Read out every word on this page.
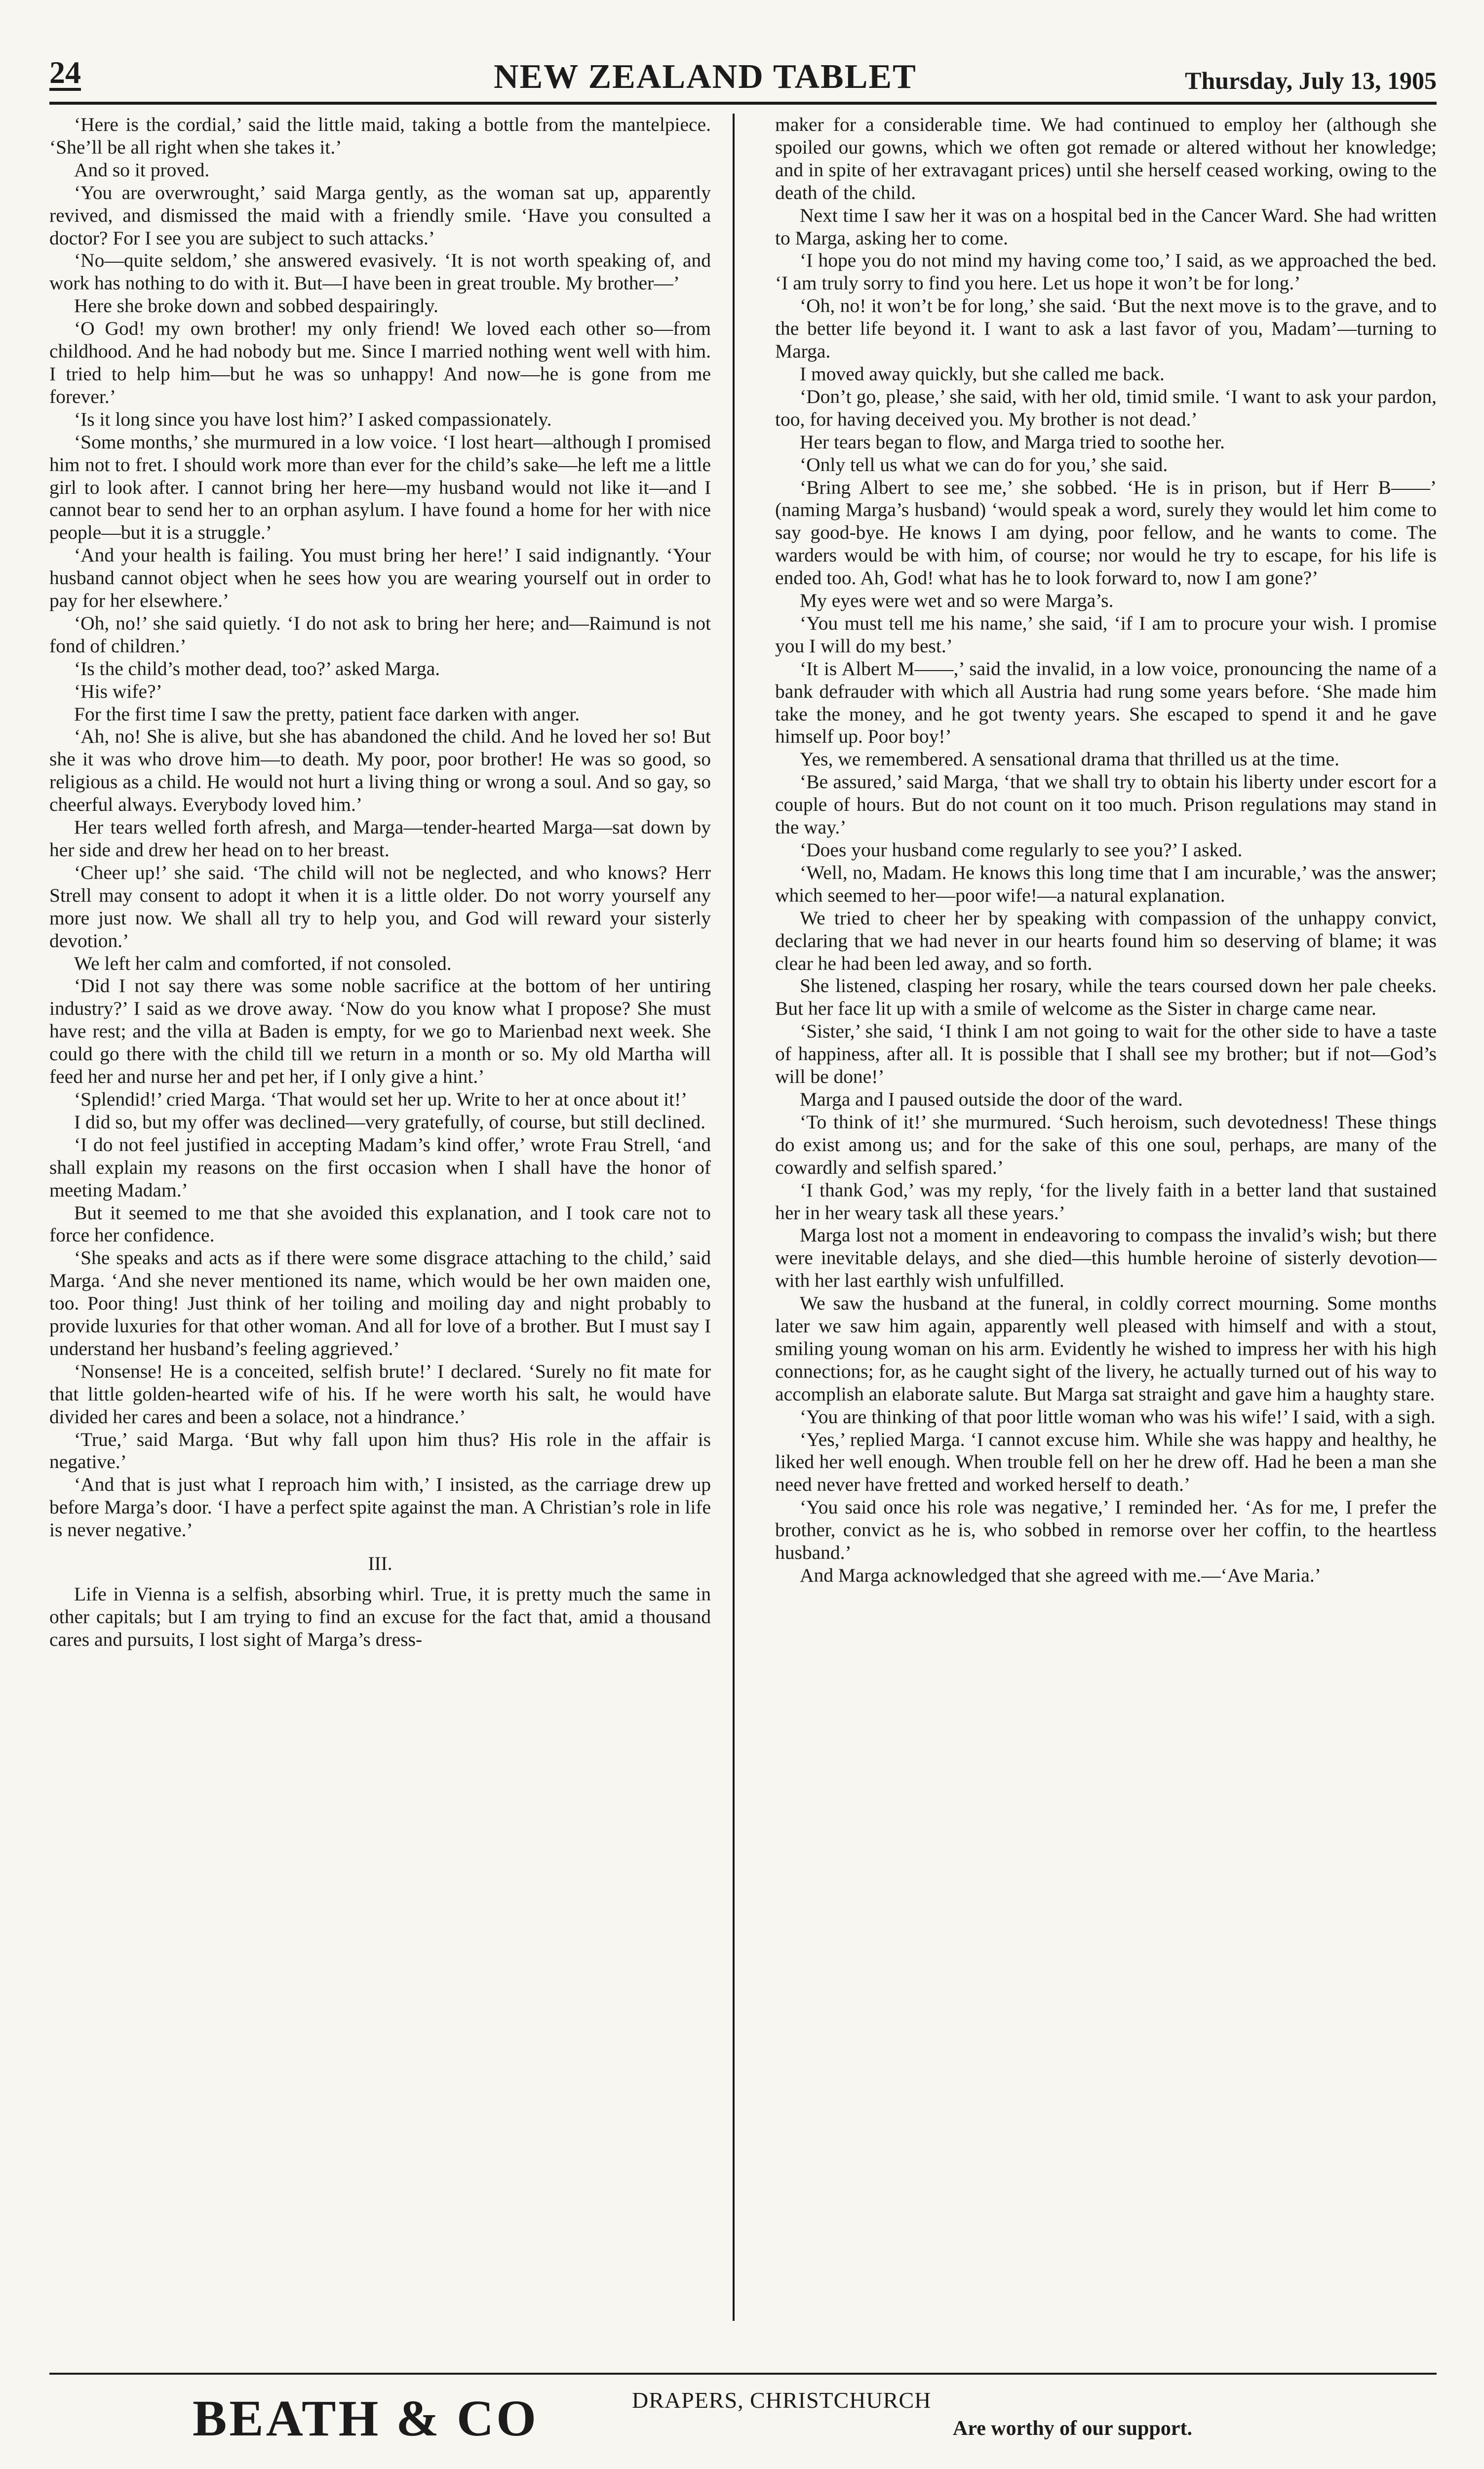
24	NEW ZEALAND TABLET	Thursday, July 13, 1905

‘Here is the cordial,’ said the little maid, taking a bottle from the mantelpiece. ‘She’ll be all right when she takes it.’

And so it proved.

‘You are overwrought,’ said Marga gently, as the woman sat up, apparently revived, and dismissed the maid with a friendly smile. ‘Have you consulted a doctor? For I see you are subject to such attacks.’

‘No—quite seldom,’ she answered evasively. ‘It is not worth speaking of, and work has nothing to do with it. But—I have been in great trouble. My brother—’

Here she broke down and sobbed despairingly.

‘O God! my own brother! my only friend! We loved each other so—from childhood. And he had nobody but me. Since I married nothing went well with him. I tried to help him—but he was so unhappy! And now—he is gone from me forever.’

‘Is it long since you have lost him?’ I asked compassionately.

‘Some months,’ she murmured in a low voice. ‘I lost heart—although I promised him not to fret. I should work more than ever for the child’s sake—he left me a little girl to look after. I cannot bring her here—my husband would not like it—and I cannot bear to send her to an orphan asylum. I have found a home for her with nice people—but it is a struggle.’

‘And your health is failing. You must bring her here!’ I said indignantly. ‘Your husband cannot object when he sees how you are wearing yourself out in order to pay for her elsewhere.’

‘Oh, no!’ she said quietly. ‘I do not ask to bring her here; and—Raimund is not fond of children.’

‘Is the child’s mother dead, too?’ asked Marga.

‘His wife?’

For the first time I saw the pretty, patient face darken with anger.

‘Ah, no! She is alive, but she has abandoned the child. And he loved her so! But she it was who drove him—to death. My poor, poor brother! He was so good, so religious as a child. He would not hurt a living thing or wrong a soul. And so gay, so cheerful always. Everybody loved him.’

Her tears welled forth afresh, and Marga—tender-hearted Marga—sat down by her side and drew her head on to her breast.

‘Cheer up!’ she said. ‘The child will not be neglected, and who knows? Herr Strell may consent to adopt it when it is a little older. Do not worry yourself any more just now. We shall all try to help you, and God will reward your sisterly devotion.’

We left her calm and comforted, if not consoled.

‘Did I not say there was some noble sacrifice at the bottom of her untiring industry?’ I said as we drove away. ‘Now do you know what I propose? She must have rest; and the villa at Baden is empty, for we go to Marienbad next week. She could go there with the child till we return in a month or so. My old Martha will feed her and nurse her and pet her, if I only give a hint.’

‘Splendid!’ cried Marga. ‘That would set her up. Write to her at once about it!’

I did so, but my offer was declined—very gratefully, of course, but still declined.

‘I do not feel justified in accepting Madam’s kind offer,’ wrote Frau Strell, ‘and shall explain my reasons on the first occasion when I shall have the honor of meeting Madam.’

But it seemed to me that she avoided this explanation, and I took care not to force her confidence.

‘She speaks and acts as if there were some disgrace attaching to the child,’ said Marga. ‘And she never mentioned its name, which would be her own maiden one, too. Poor thing! Just think of her toiling and moiling day and night probably to provide luxuries for that other woman. And all for love of a brother. But I must say I understand her husband’s feeling aggrieved.’

‘Nonsense! He is a conceited, selfish brute!’ I declared. ‘Surely no fit mate for that little golden-hearted wife of his. If he were worth his salt, he would have divided her cares and been a solace, not a hindrance.’

‘True,’ said Marga. ‘But why fall upon him thus? His role in the affair is negative.’

‘And that is just what I reproach him with,’ I insisted, as the carriage drew up before Marga’s door. ‘I have a perfect spite against the man. A Christian’s role in life is never negative.’

III.

Life in Vienna is a selfish, absorbing whirl. True, it is pretty much the same in other capitals; but I am trying to find an excuse for the fact that, amid a thousand cares and pursuits, I lost sight of Marga’s dress-

maker for a considerable time. We had continued to employ her (although she spoiled our gowns, which we often got remade or altered without her knowledge; and in spite of her extravagant prices) until she herself ceased working, owing to the death of the child.

Next time I saw her it was on a hospital bed in the Cancer Ward. She had written to Marga, asking her to come.

‘I hope you do not mind my having come too,’ I said, as we approached the bed. ‘I am truly sorry to find you here. Let us hope it won’t be for long.’

‘Oh, no! it won’t be for long,’ she said. ‘But the next move is to the grave, and to the better life beyond it. I want to ask a last favor of you, Madam’—turning to Marga.

I moved away quickly, but she called me back.

‘Don’t go, please,’ she said, with her old, timid smile. ‘I want to ask your pardon, too, for having deceived you. My brother is not dead.’

Her tears began to flow, and Marga tried to soothe her.

‘Only tell us what we can do for you,’ she said.

‘Bring Albert to see me,’ she sobbed. ‘He is in prison, but if Herr B——’ (naming Marga’s husband) ‘would speak a word, surely they would let him come to say good-bye. He knows I am dying, poor fellow, and he wants to come. The warders would be with him, of course; nor would he try to escape, for his life is ended too. Ah, God! what has he to look forward to, now I am gone?’

My eyes were wet and so were Marga’s.

‘You must tell me his name,’ she said, ‘if I am to procure your wish. I promise you I will do my best.’

‘It is Albert M——,’ said the invalid, in a low voice, pronouncing the name of a bank defrauder with which all Austria had rung some years before. ‘She made him take the money, and he got twenty years. She escaped to spend it and he gave himself up. Poor boy!’

Yes, we remembered. A sensational drama that thrilled us at the time.

‘Be assured,’ said Marga, ‘that we shall try to obtain his liberty under escort for a couple of hours. But do not count on it too much. Prison regulations may stand in the way.’

‘Does your husband come regularly to see you?’ I asked.

‘Well, no, Madam. He knows this long time that I am incurable,’ was the answer; which seemed to her—poor wife!—a natural explanation.

We tried to cheer her by speaking with compassion of the unhappy convict, declaring that we had never in our hearts found him so deserving of blame; it was clear he had been led away, and so forth.

She listened, clasping her rosary, while the tears coursed down her pale cheeks. But her face lit up with a smile of welcome as the Sister in charge came near.

‘Sister,’ she said, ‘I think I am not going to wait for the other side to have a taste of happiness, after all. It is possible that I shall see my brother; but if not—God’s will be done!’

Marga and I paused outside the door of the ward.

‘To think of it!’ she murmured. ‘Such heroism, such devotedness! These things do exist among us; and for the sake of this one soul, perhaps, are many of the cowardly and selfish spared.’

‘I thank God,’ was my reply, ‘for the lively faith in a better land that sustained her in her weary task all these years.’

Marga lost not a moment in endeavoring to compass the invalid’s wish; but there were inevitable delays, and she died—this humble heroine of sisterly devotion—with her last earthly wish unfulfilled.

We saw the husband at the funeral, in coldly correct mourning. Some months later we saw him again, apparently well pleased with himself and with a stout, smiling young woman on his arm. Evidently he wished to impress her with his high connections; for, as he caught sight of the livery, he actually turned out of his way to accomplish an elaborate salute. But Marga sat straight and gave him a haughty stare.

‘You are thinking of that poor little woman who was his wife!’ I said, with a sigh.

‘Yes,’ replied Marga. ‘I cannot excuse him. While she was happy and healthy, he liked her well enough. When trouble fell on her he drew off. Had he been a man she need never have fretted and worked herself to death.’

‘You said once his role was negative,’ I reminded her. ‘As for me, I prefer the brother, convict as he is, who sobbed in remorse over her coffin, to the heartless husband.’

And Marga acknowledged that she agreed with me.—‘Ave Maria.’

BEATH & CO	DRAPERS, CHRISTCHURCH
Are worthy of our support.
